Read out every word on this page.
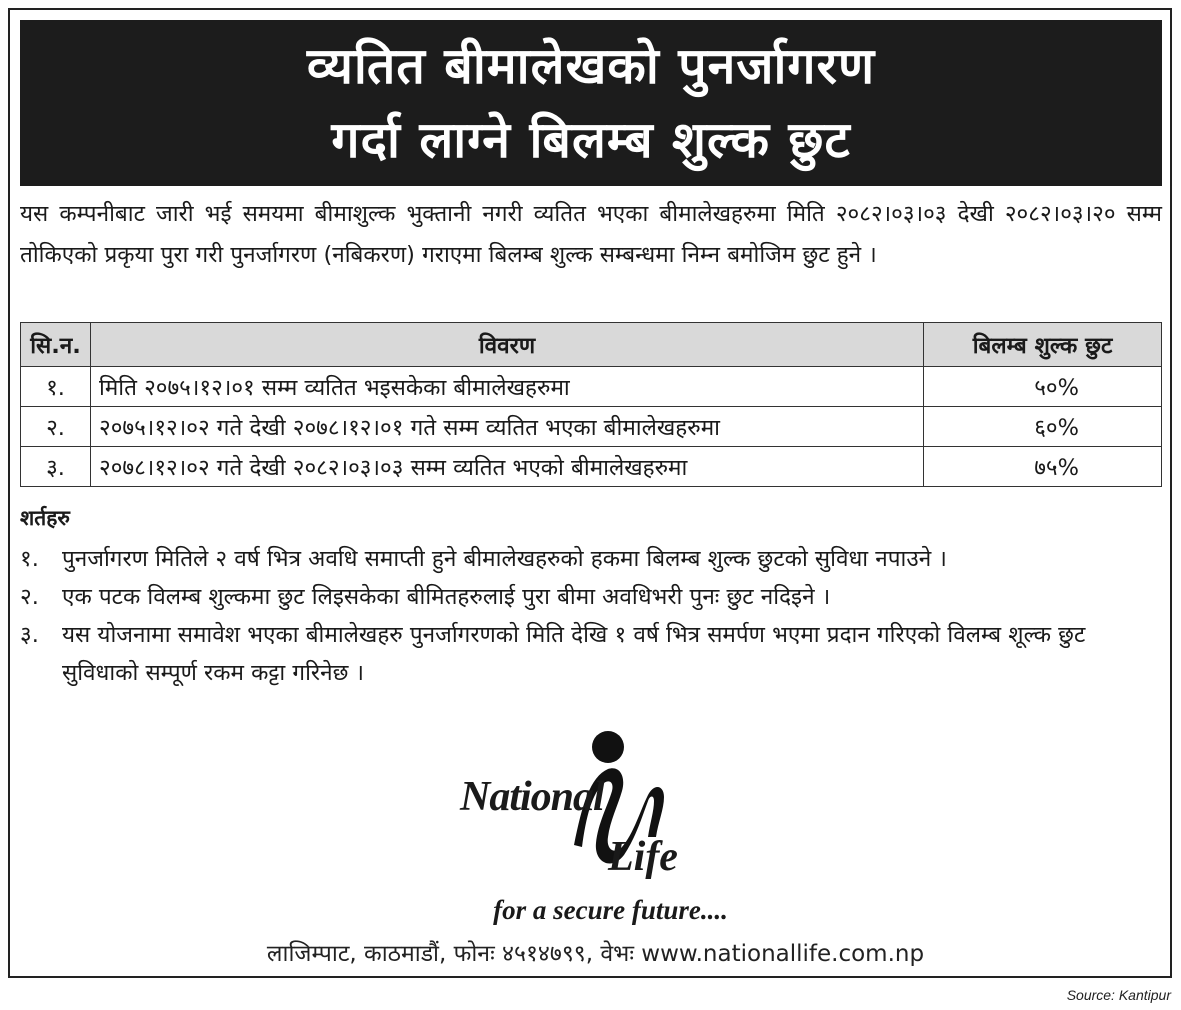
व्यतित बीमालेखको पुनर्जागरण
गर्दा लाग्ने बिलम्ब शुल्क छुट
यस कम्पनीबाट जारी भई समयमा बीमाशुल्क भुक्तानी नगरी व्यतित भएका बीमालेखहरुमा मिति २०८२।०३।०३ देखी २०८२।०३।२० सम्म तोकिएको प्रकृया पुरा गरी पुनर्जागरण (नबिकरण) गराएमा बिलम्ब शुल्क सम्बन्धमा निम्न बमोजिम छुट हुने ।
सि.न.	विवरण	बिलम्ब शुल्क छुट
१.	मिति २०७५।१२।०१ सम्म व्यतित भइसकेका बीमालेखहरुमा	५०%
२.	२०७५।१२।०२ गते देखी २०७८।१२।०१ गते सम्म व्यतित भएका बीमालेखहरुमा	६०%
३.	२०७८।१२।०२ गते देखी २०८२।०३।०३ सम्म व्यतित भएको बीमालेखहरुमा	७५%
शर्तहरु
१. पुनर्जागरण मितिले २ वर्ष भित्र अवधि समाप्ती हुने बीमालेखहरुको हकमा बिलम्ब शुल्क छुटको सुविधा नपाउने ।
२. एक पटक विलम्ब शुल्कमा छुट लिइसकेका बीमितहरुलाई पुरा बीमा अवधिभरी पुनः छुट नदिइने ।
३. यस योजनामा समावेश भएका बीमालेखहरु पुनर्जागरणको मिति देखि १ वर्ष भित्र समर्पण भएमा प्रदान गरिएको विलम्ब शूल्क छुट सुविधाको सम्पूर्ण रकम कट्टा गरिनेछ ।
National
Life
for a secure future....
लाजिम्पाट, काठमाडौं, फोनः ४५१४७९९, वेभः www.nationallife.com.np
Source: Kantipur
